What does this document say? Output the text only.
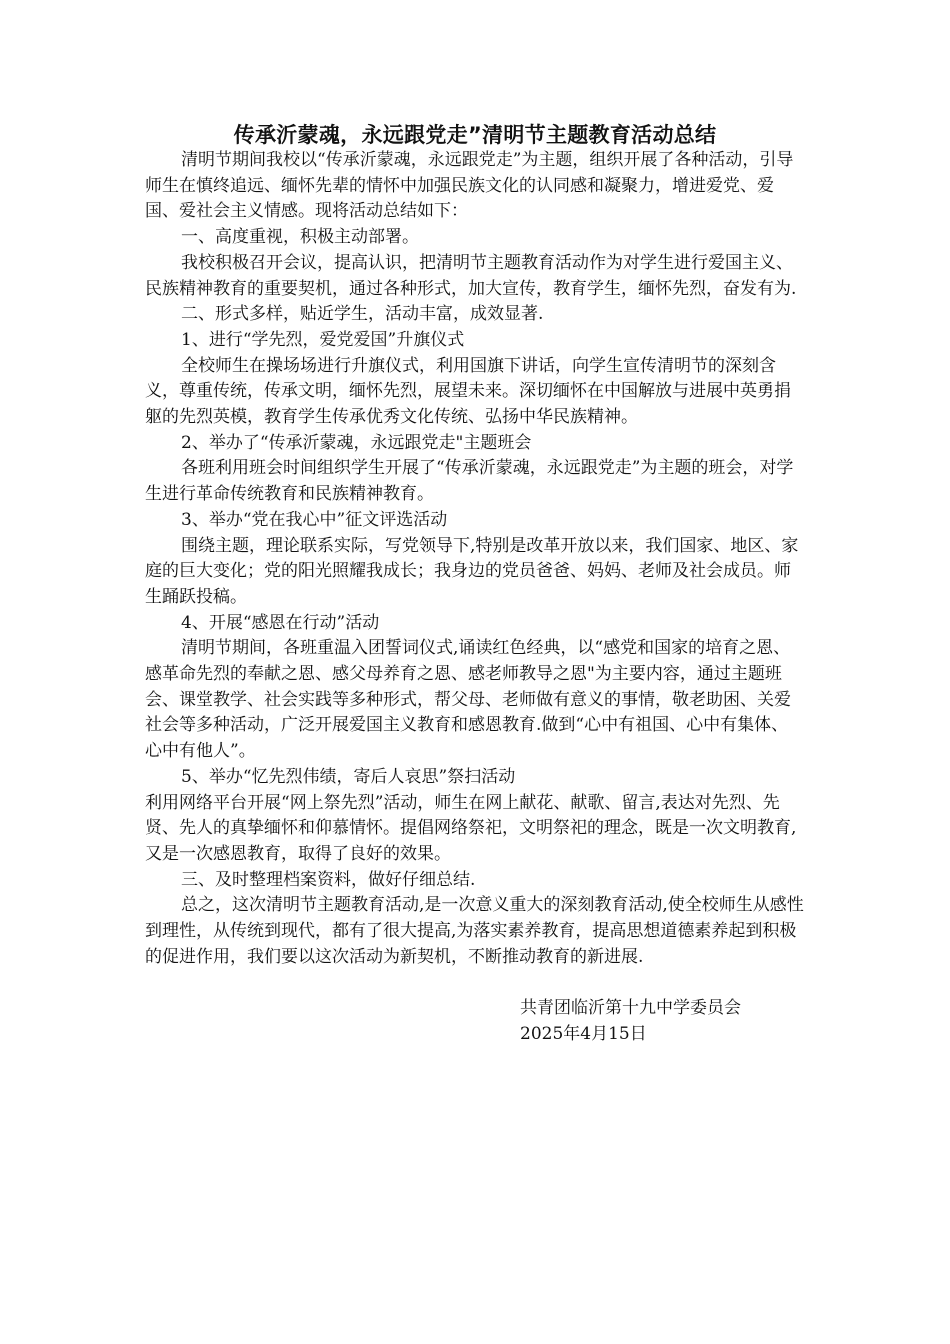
传承沂蒙魂，永远跟党走”清明节主题教育活动总结

清明节期间我校以“传承沂蒙魂，永远跟党走”为主题，组织开展了各种活动，引导师生在慎终追远、缅怀先辈的情怀中加强民族文化的认同感和凝聚力，增进爱党、爱国、爱社会主义情感。现将活动总结如下：

一、高度重视，积极主动部署。

我校积极召开会议，提高认识，把清明节主题教育活动作为对学生进行爱国主义、民族精神教育的重要契机，通过各种形式，加大宣传，教育学生，缅怀先烈，奋发有为.

二、形式多样，贴近学生，活动丰富，成效显著.

1、进行“学先烈，爱党爱国”升旗仪式

全校师生在操场场进行升旗仪式，利用国旗下讲话，向学生宣传清明节的深刻含义，尊重传统，传承文明，缅怀先烈，展望未来。深切缅怀在中国解放与进展中英勇捐躯的先烈英模，教育学生传承优秀文化传统、弘扬中华民族精神。

2、举办了“传承沂蒙魂，永远跟党走"主题班会

各班利用班会时间组织学生开展了“传承沂蒙魂，永远跟党走”为主题的班会，对学生进行革命传统教育和民族精神教育。

3、举办“党在我心中”征文评选活动

围绕主题，理论联系实际，写党领导下,特别是改革开放以来，我们国家、地区、家庭的巨大变化；党的阳光照耀我成长；我身边的党员爸爸、妈妈、老师及社会成员。师生踊跃投稿。

4、开展“感恩在行动”活动

清明节期间，各班重温入团誓词仪式,诵读红色经典，以“感党和国家的培育之恩、感革命先烈的奉献之恩、感父母养育之恩、感老师教导之恩"为主要内容，通过主题班会、课堂教学、社会实践等多种形式，帮父母、老师做有意义的事情，敬老助困、关爱社会等多种活动，广泛开展爱国主义教育和感恩教育.做到“心中有祖国、心中有集体、心中有他人”。

5、举办“忆先烈伟绩，寄后人哀思”祭扫活动

利用网络平台开展“网上祭先烈”活动，师生在网上献花、献歌、留言,表达对先烈、先贤、先人的真挚缅怀和仰慕情怀。提倡网络祭祀，文明祭祀的理念，既是一次文明教育,又是一次感恩教育，取得了良好的效果。

三、及时整理档案资料，做好仔细总结.

总之，这次清明节主题教育活动,是一次意义重大的深刻教育活动,使全校师生从感性到理性，从传统到现代，都有了很大提高,为落实素养教育，提高思想道德素养起到积极的促进作用，我们要以这次活动为新契机，不断推动教育的新进展.

共青团临沂第十九中学委员会
2025年4月15日
